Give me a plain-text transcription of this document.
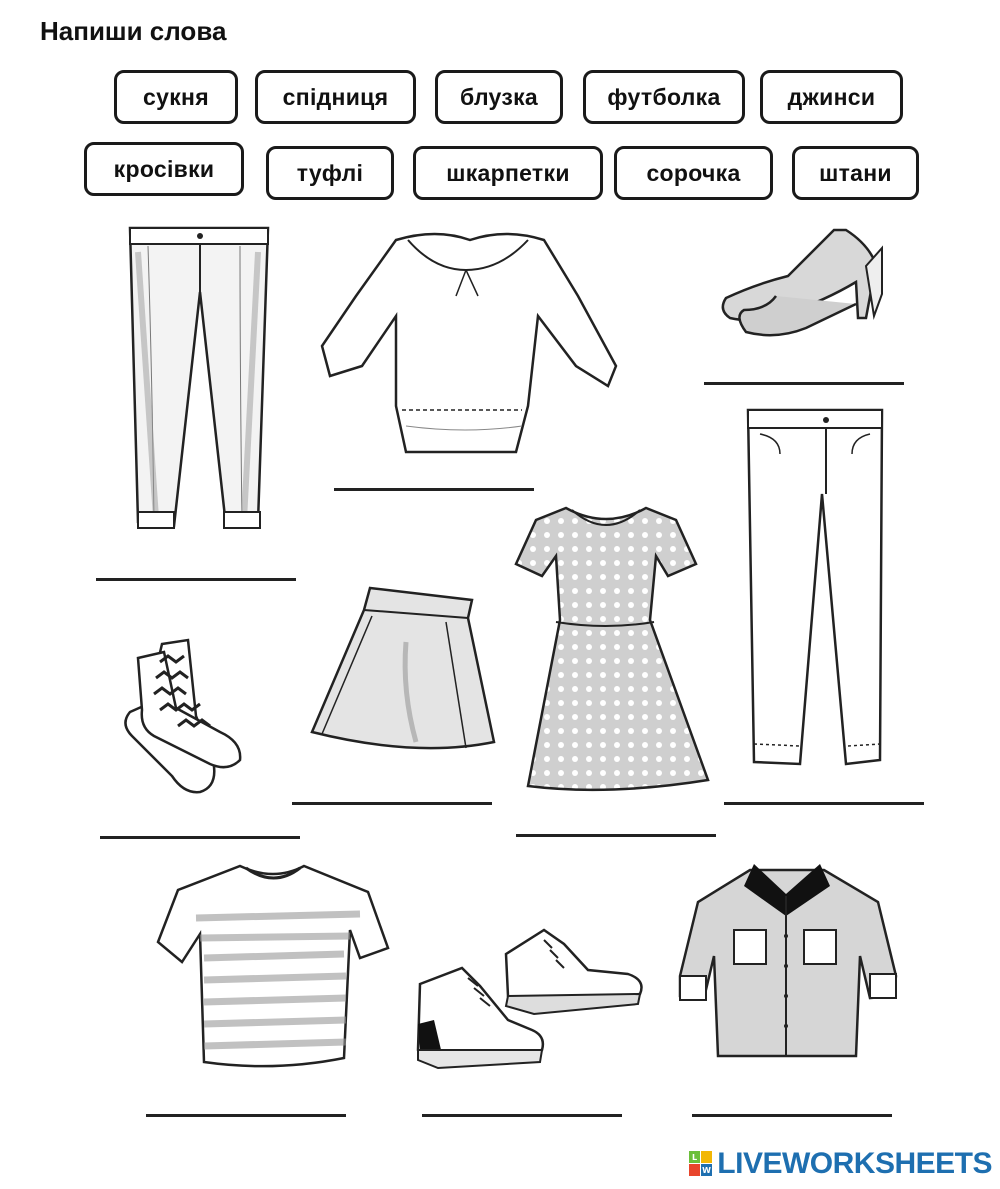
Напиши слова
сукня	спідниця	блузка	футболка	джинси
кросівки	туфлі	шкарпетки	сорочка	штани
L
W LIVEWORKSHEETS
